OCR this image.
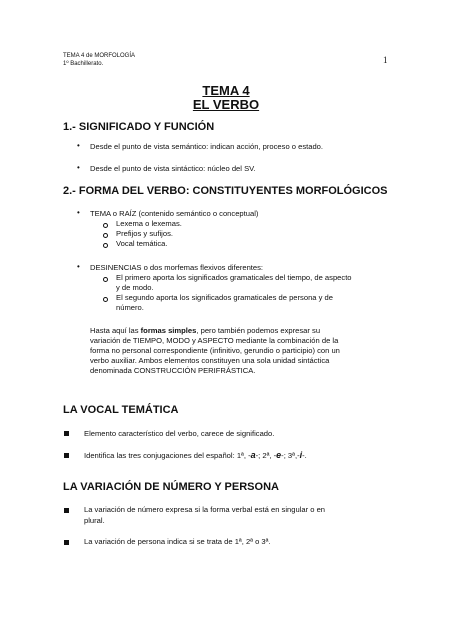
TEMA 4 de MORFOLOGÍA
1º Bachillerato.	1
TEMA 4
EL VERBO
1.- SIGNIFICADO Y FUNCIÓN
• Desde el punto de vista semántico: indican acción, proceso o estado.
• Desde el punto de vista sintáctico: núcleo del SV.
2.- FORMA DEL VERBO: CONSTITUYENTES MORFOLÓGICOS
• TEMA o RAÍZ (contenido semántico o conceptual)
Lexema o lexemas.
Prefijos y sufijos.
Vocal temática.
• DESINENCIAS o dos morfemas flexivos diferentes:
El primero aporta los significados gramaticales del tiempo, de aspecto
y de modo.
El segundo aporta los significados gramaticales de persona y de
número.
Hasta aquí las formas simples, pero también podemos expresar su
variación de TIEMPO, MODO y ASPECTO mediante la combinación de la
forma no personal correspondiente (infinitivo, gerundio o participio) con un
verbo auxiliar. Ambos elementos constituyen una sola unidad sintáctica
denominada CONSTRUCCIÓN PERIFRÁSTICA.
LA VOCAL TEMÁTICA
Elemento característico del verbo, carece de significado.
Identifica las tres conjugaciones del español: 1ª, -a-; 2ª, -e-; 3ª,-i-.
LA VARIACIÓN DE NÚMERO Y PERSONA
La variación de número expresa si la forma verbal está en singular o en
plural.
La variación de persona indica si se trata de 1ª, 2ª o 3ª.
